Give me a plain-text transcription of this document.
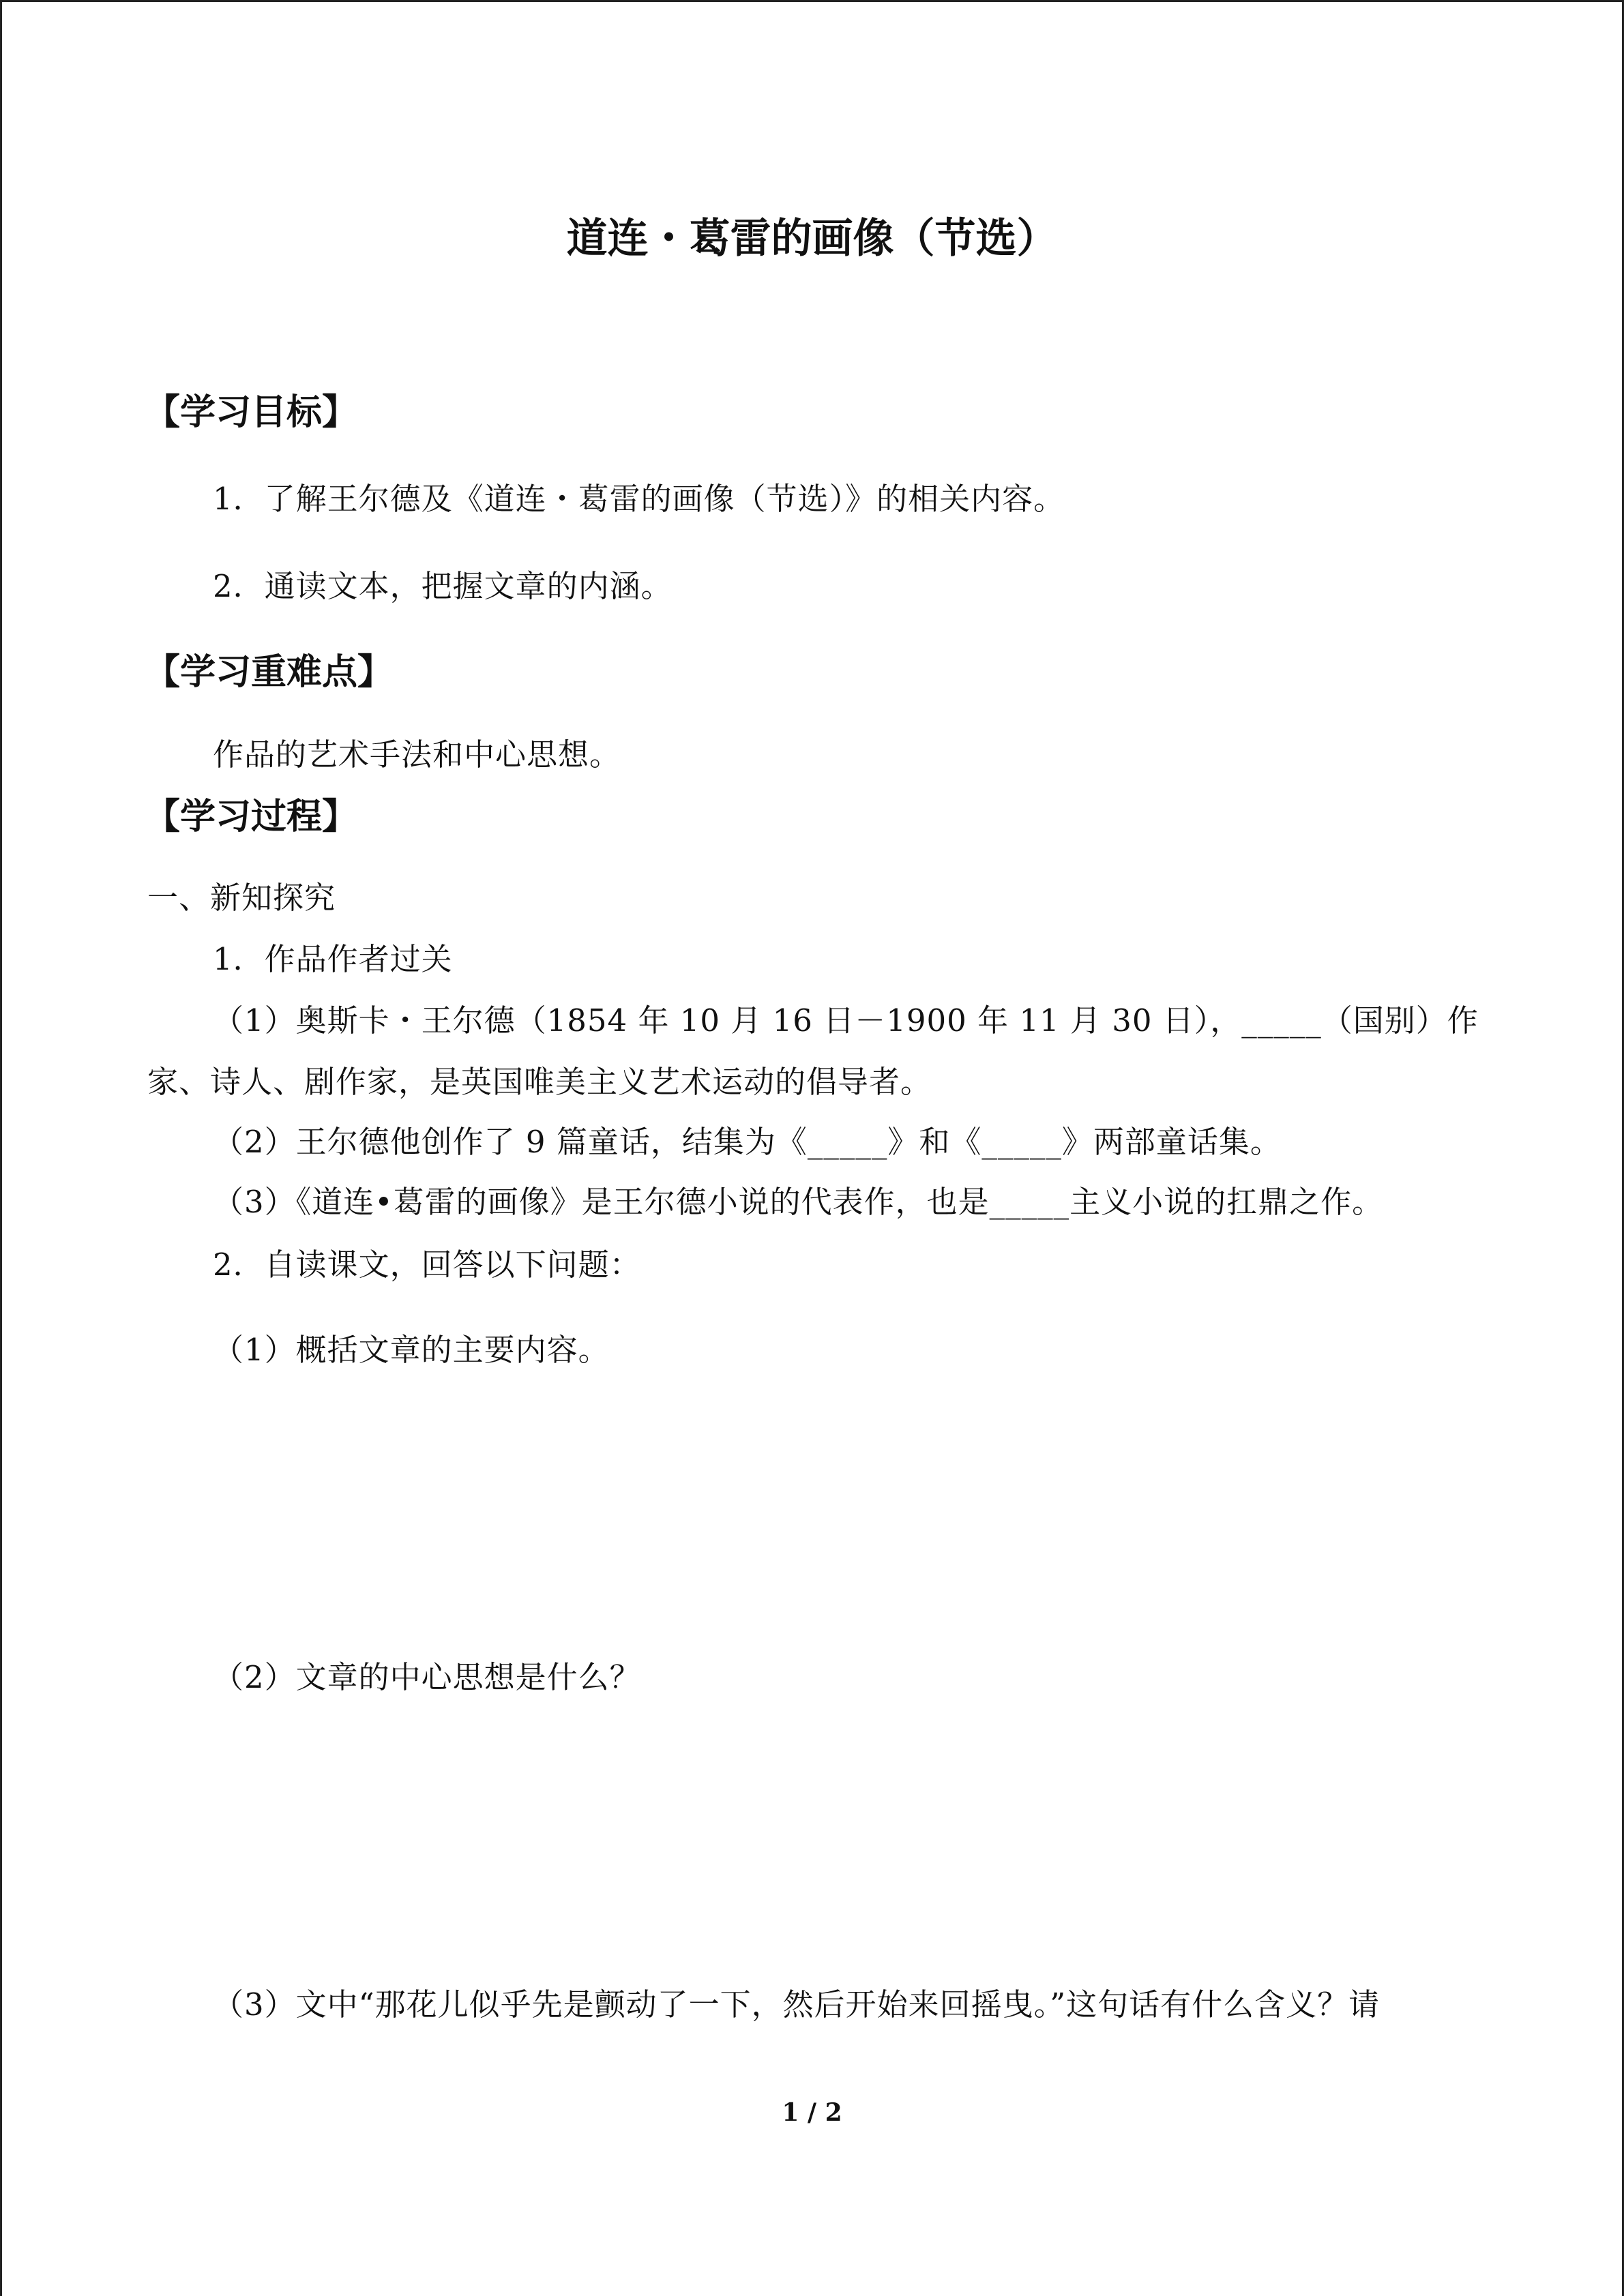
道连・葛雷的画像（节选）
【学习目标】
1．了解王尔德及《道连・葛雷的画像（节选）》的相关内容。
2．通读文本，把握文章的内涵。
【学习重难点】
作品的艺术手法和中心思想。
【学习过程】
一、新知探究
1．作品作者过关
（1）奥斯卡・王尔德（1854 年 10 月 16 日－1900 年 11 月 30 日），_____（国别）作
家、诗人、剧作家，是英国唯美主义艺术运动的倡导者。
（2）王尔德他创作了 9 篇童话，结集为《_____》和《_____》两部童话集。
（3）《道连•葛雷的画像》是王尔德小说的代表作，也是_____主义小说的扛鼎之作。
2．自读课文，回答以下问题：
（1）概括文章的主要内容。
（2）文章的中心思想是什么？
（3）文中“那花儿似乎先是颤动了一下，然后开始来回摇曳。”这句话有什么含义？请
1 / 2
